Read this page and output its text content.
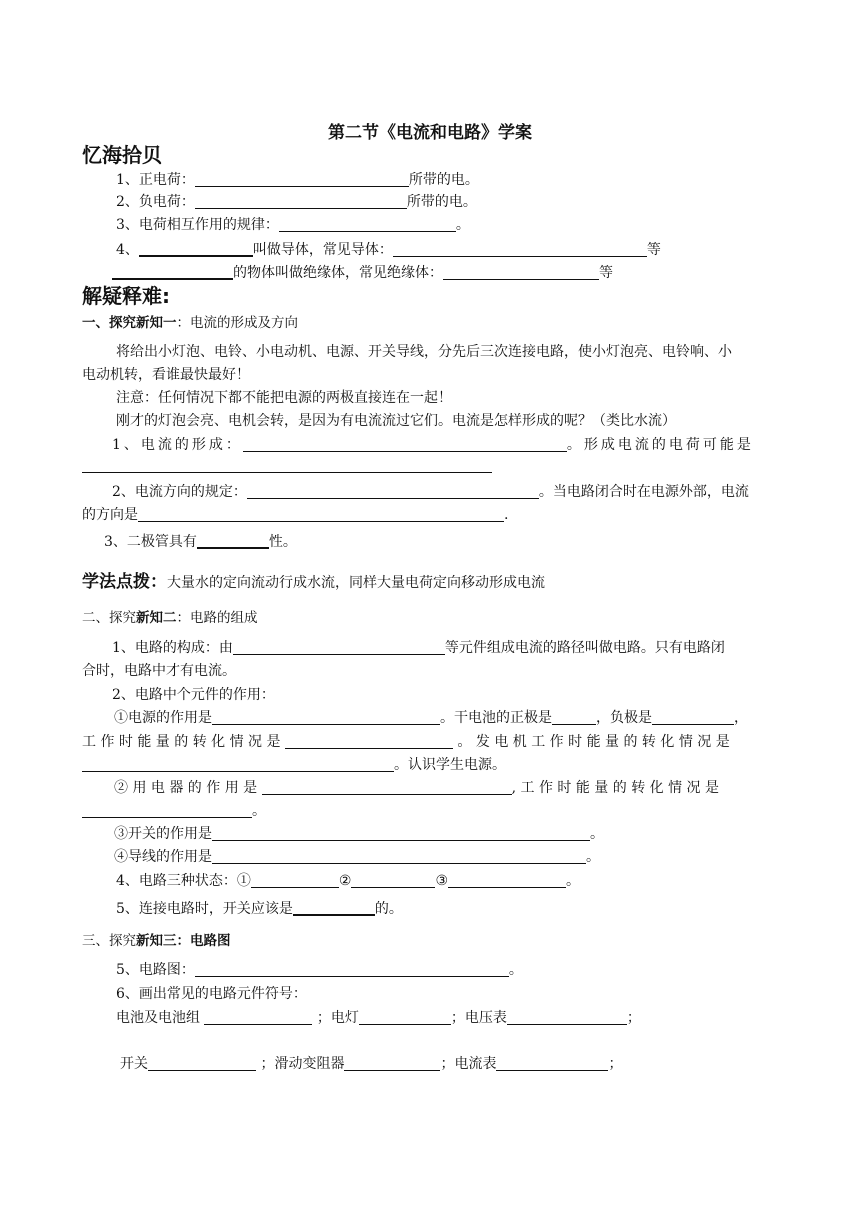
第二节《电流和电路》学案
忆海拾贝
1、正电荷：	所带的电。
2、负电荷：	所带的电。
3、电荷相互作用的规律：	。
4、	叫做导体，常见导体：	等
的物体叫做绝缘体，常见绝缘体：	等
解疑释难:
一、探究新知一：电流的形成及方向
将给出小灯泡、电铃、小电动机、电源、开关导线，分先后三次连接电路，使小灯泡亮、电铃响、小
电动机转，看谁最快最好！
注意：任何情况下都不能把电源的两极直接连在一起！
刚才的灯泡会亮、电机会转，是因为有电流流过它们。电流是怎样形成的呢？（类比水流）
1、电流的形成：	。形成电流的电荷可能是
2、电流方向的规定：	。当电路闭合时在电源外部，电流
的方向是	.
3、二极管具有	性。
学法点拨：大量水的定向流动行成水流，同样大量电荷定向移动形成电流
二、探究新知二：电路的组成
1、电路的构成：由	等元件组成电流的路径叫做电路。只有电路闭
合时，电路中才有电流。
2、电路中个元件的作用：
①电源的作用是	。干电池的正极是	，负极是	，
工 作 时 能 量 的 转 化 情 况 是	。 发 电 机 工 作 时 能 量 的 转 化 情 况 是
。认识学生电源。
② 用 电 器 的 作 用 是	, 工 作 时 能 量 的 转 化 情 况 是
。
③开关的作用是	。
④导线的作用是	。
4、电路三种状态：①	②	③	。
5、连接电路时，开关应该是	的。
三、探究新知三：电路图
5、电路图：	。
6、画出常见的电路元件符号：
电池及电池组	；电灯	；电压表	；
开关	；滑动变阻器	；电流表	；
